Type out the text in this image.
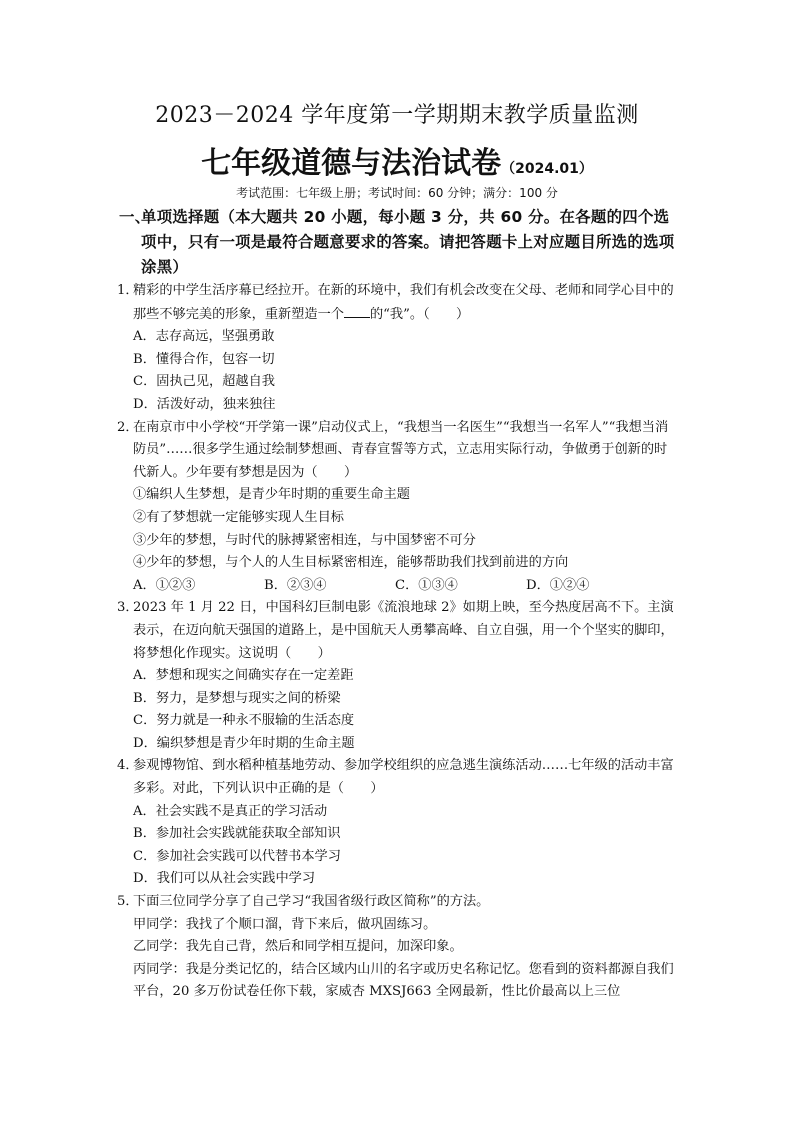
2023－2024 学年度第一学期期末教学质量监测
七年级道德与法治试卷（2024.01）
考试范围：七年级上册；考试时间：60 分钟；满分：100 分
一、
单项选择题（本大题共 20 小题，每小题 3 分，共 60 分。在各题的四个选项中，只有一项是最符合题意要求的答案。请把答题卡上对应题目所选的选项涂黑）
1．
精彩的中学生活序幕已经拉开。在新的环境中，我们有机会改变在父母、老师和同学心目中的那些不够完美的形象，重新塑造一个 的“我”。（　　）
A．志存高远，坚强勇敢
B．懂得合作，包容一切
C．固执己见，超越自我
D．活泼好动，独来独往
2．
在南京市中小学校“开学第一课”启动仪式上，“我想当一名医生”“我想当一名军人”“我想当消防员”……很多学生通过绘制梦想画、青春宣誓等方式，立志用实际行动，争做勇于创新的时代新人。少年要有梦想是因为（　　）
①编织人生梦想，是青少年时期的重要生命主题
②有了梦想就一定能够实现人生目标
③少年的梦想，与时代的脉搏紧密相连，与中国梦密不可分
④少年的梦想，与个人的人生目标紧密相连，能够帮助我们找到前进的方向
A．①②③	B．②③④	C．①③④	D．①②④
3．
2023 年 1 月 22 日，中国科幻巨制电影《流浪地球 2》如期上映，至今热度居高不下。主演表示，在迈向航天强国的道路上，是中国航天人勇攀高峰、自立自强，用一个个坚实的脚印，将梦想化作现实。这说明（　　）
A．梦想和现实之间确实存在一定差距
B．努力，是梦想与现实之间的桥梁
C．努力就是一种永不服输的生活态度
D．编织梦想是青少年时期的生命主题
4．
参观博物馆、到水稻种植基地劳动、参加学校组织的应急逃生演练活动……七年级的活动丰富多彩。对此，下列认识中正确的是（　　）
A．社会实践不是真正的学习活动
B．参加社会实践就能获取全部知识
C．参加社会实践可以代替书本学习
D．我们可以从社会实践中学习
5．
下面三位同学分享了自己学习“我国省级行政区简称”的方法。
甲同学：我找了个顺口溜，背下来后，做巩固练习。
乙同学：我先自己背，然后和同学相互提问，加深印象。
丙同学：我是分类记忆的，结合区域内山川的名字或历史名称记忆。您看到的资料都源自我们平台，20 多万份试卷任你下载，家威杏 MXSJ663 全网最新，性比价最高以上三位
